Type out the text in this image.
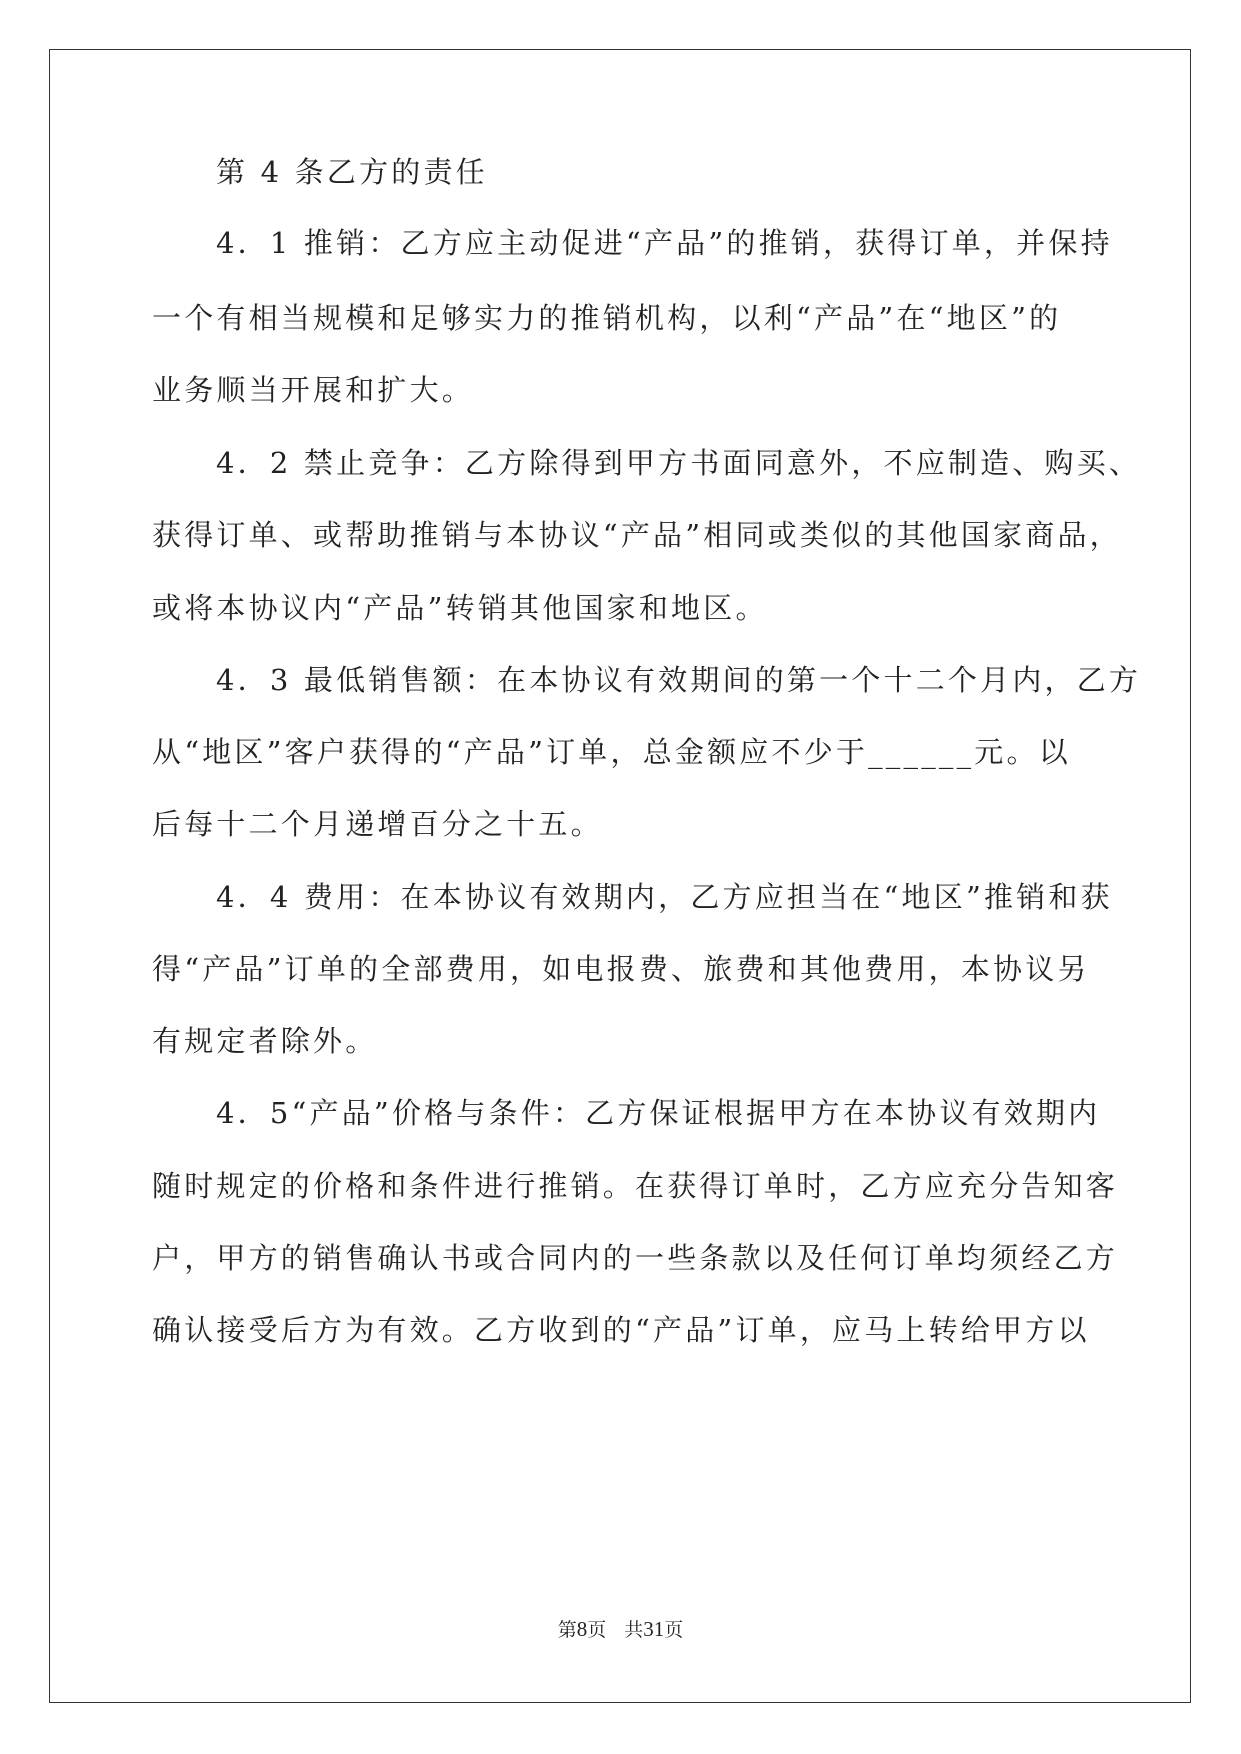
第 4 条乙方的责任
4．1 推销：乙方应主动促进“产品”的推销，获得订单，并保持
一个有相当规模和足够实力的推销机构，以利“产品”在“地区”的
业务顺当开展和扩大。
4．2 禁止竞争：乙方除得到甲方书面同意外，不应制造、购买、
获得订单、或帮助推销与本协议“产品”相同或类似的其他国家商品，
或将本协议内“产品”转销其他国家和地区。
4．3 最低销售额：在本协议有效期间的第一个十二个月内，乙方
从“地区”客户获得的“产品”订单，总金额应不少于______元。以
后每十二个月递增百分之十五。
4．4 费用：在本协议有效期内，乙方应担当在“地区”推销和获
得“产品”订单的全部费用，如电报费、旅费和其他费用，本协议另
有规定者除外。
4．5“产品”价格与条件：乙方保证根据甲方在本协议有效期内
随时规定的价格和条件进行推销。在获得订单时，乙方应充分告知客
户，甲方的销售确认书或合同内的一些条款以及任何订单均须经乙方
确认接受后方为有效。乙方收到的“产品”订单，应马上转给甲方以
第8页 共31页
